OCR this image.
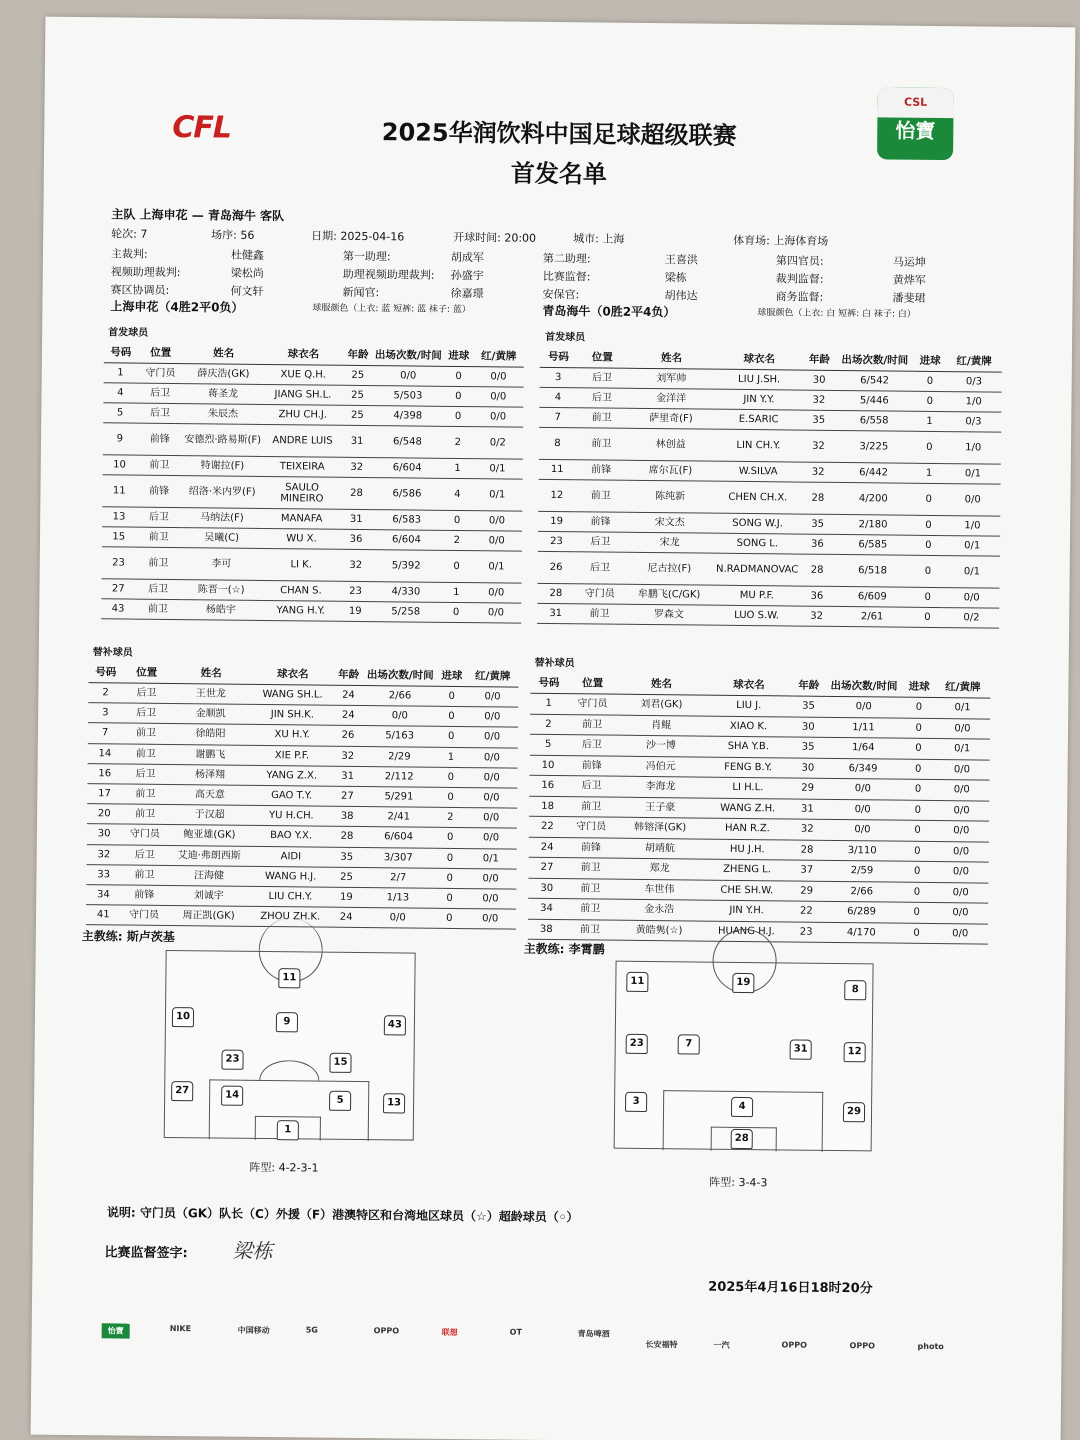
CFL	2025华润饮料中国足球超级联赛
首发名单
CSL
怡寶
主队 上海申花 — 青岛海牛 客队
轮次: 7	场序: 56	日期: 2025-04-16	开球时间: 20:00	城市: 上海	体育场: 上海体育场
主裁判:	杜健鑫	第一助理:	胡成军	第二助理:	王喜洪	第四官员:	马运坤
视频助理裁判:	梁松尚	助理视频助理裁判: 孙盛宇	比赛监督:	梁栋	裁判监督:	黄烨军
赛区协调员:	何文轩	新闻官:	徐嘉璟	安保官:	胡伟达	商务监督:	潘斐珺
上海申花（4胜2平0负）	球服颜色（上衣: 蓝 短裤: 蓝 袜子: 蓝）	青岛海牛（0胜2平4负）	球服颜色（上衣: 白 短裤: 白 袜子: 白）
首发球员	首发球员
号码	位置	姓名	球衣名	年龄	出场次数/时间	进球	红/黄牌
1	守门员	薛庆浩(GK)	XUE Q.H.	25	0/0	0	0/0
4	后卫	蒋圣龙	JIANG SH.L.	25	5/503	0	0/0
5	后卫	朱辰杰	ZHU CH.J.	25	4/398	0	0/0
9	前锋	安德烈·路易斯(F)	ANDRE LUIS	31	6/548	2	0/2
10	前卫	特谢拉(F)	TEIXEIRA	32	6/604	1	0/1
11	前锋	绍洛·米内罗(F)	SAULO MINEIRO	28	6/586	4	0/1
13	后卫	马纳法(F)	MANAFA	31	6/583	0	0/0
15	前卫	吴曦(C)	WU X.	36	6/604	2	0/0
23	前卫	李可	LI K.	32	5/392	0	0/1
27	后卫	陈晋一(☆)	CHAN S.	23	4/330	1	0/0
43	前卫	杨皓宇	YANG H.Y.	19	5/258	0	0/0
号码	位置	姓名	球衣名	年龄	出场次数/时间	进球	红/黄牌
3	后卫	刘军帅	LIU J.SH.	30	6/542	0	0/3
4	后卫	金洋洋	JIN Y.Y.	32	5/446	0	1/0
7	前卫	萨里奇(F)	E.SARIC	35	6/558	1	0/3
8	前卫	林创益	LIN CH.Y.	32	3/225	0	1/0
11	前锋	席尔瓦(F)	W.SILVA	32	6/442	1	0/1
12	前卫	陈纯新	CHEN CH.X.	28	4/200	0	0/0
19	前锋	宋文杰	SONG W.J.	35	2/180	0	1/0
23	后卫	宋龙	SONG L.	36	6/585	0	0/1
26	后卫	尼古拉(F)	N.RADMANOVAC	28	6/518	0	0/1
28	守门员	牟鹏飞(C/GK)	MU P.F.	36	6/609	0	0/0
31	前卫	罗森文	LUO S.W.	32	2/61	0	0/2
替补球员
替补球员
号码	位置	姓名	球衣名	年龄	出场次数/时间	进球	红/黄牌
2	后卫	王世龙	WANG SH.L.	24	2/66	0	0/0
3	后卫	金顺凯	JIN SH.K.	24	0/0	0	0/0
7	前卫	徐皓阳	XU H.Y.	26	5/163	0	0/0
14	前卫	谢鹏飞	XIE P.F.	32	2/29	1	0/0
16	后卫	杨泽翔	YANG Z.X.	31	2/112	0	0/0
17	前卫	高天意	GAO T.Y.	27	5/291	0	0/0
20	前卫	于汉超	YU H.CH.	38	2/41	2	0/0
30	守门员	鲍亚雄(GK)	BAO Y.X.	28	6/604	0	0/0
32	后卫	艾迪·弗朗西斯	AIDI	35	3/307	0	0/1
33	前卫	汪海健	WANG H.J.	25	2/7	0	0/0
34	前锋	刘诚宇	LIU CH.Y.	19	1/13	0	0/0
41	守门员	周正凯(GK)	ZHOU ZH.K.	24	0/0	0	0/0
号码	位置	姓名	球衣名	年龄	出场次数/时间	进球	红/黄牌
1	守门员	刘君(GK)	LIU J.	35	0/0	0	0/1
2	前卫	肖鲲	XIAO K.	30	1/11	0	0/0
5	后卫	沙一博	SHA Y.B.	35	1/64	0	0/1
10	前锋	冯伯元	FENG B.Y.	30	6/349	0	0/0
16	后卫	李海龙	LI H.L.	29	0/0	0	0/0
18	前卫	王子豪	WANG Z.H.	31	0/0	0	0/0
22	守门员	韩镕泽(GK)	HAN R.Z.	32	0/0	0	0/0
24	前锋	胡靖航	HU J.H.	28	3/110	0	0/0
27	前卫	郑龙	ZHENG L.	37	2/59	0	0/0
30	前卫	车世伟	CHE SH.W.	29	2/66	0	0/0
34	前卫	金永浩	JIN Y.H.	22	6/289	0	0/0
38	前卫	黄皓隽(☆)	HUANG H.J.	23	4/170	0	0/0
主教练: 斯卢茨基
主教练: 李霄鹏
11
10	9	43
23	15
27	14	5	13
1
阵型: 4-2-3-1
11	19
8
23	7	31	12
3	4	29
28
阵型: 3-4-3
说明: 守门员（GK）队长（C）外援（F）港澳特区和台湾地区球员（☆）超龄球员（◦）
比赛监督签字: 梁栋
2025年4月16日18时20分
怡寶	NIKE	中国移动	5G	OPPO	联想	OT	青岛啤酒
长安福特	一汽	OPPO	OPPO	photo
